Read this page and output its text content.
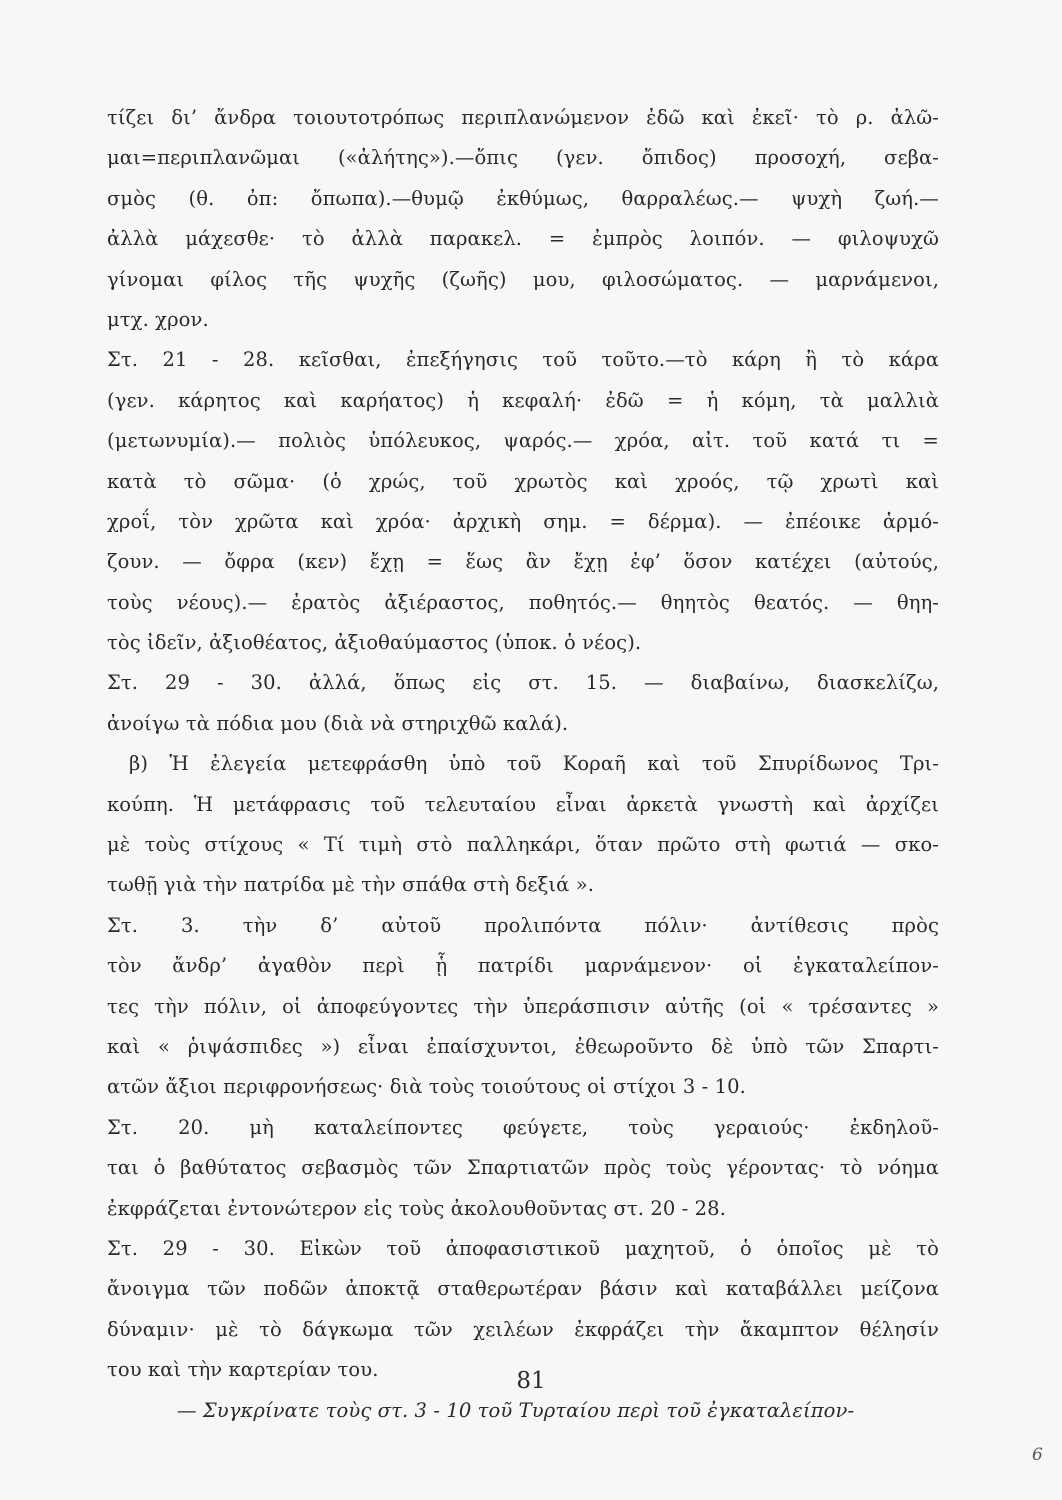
τίζει δι’ ἄνδρα τοιουτοτρόπως περιπλανώμενον ἐδῶ καὶ ἐκεῖ· τὸ ρ. ἀλῶ-
μαι=περιπλανῶμαι («ἀλήτης»).—ὄπις (γεν. ὄπιδος) προσοχή, σεβα-
σμὸς (θ. ὀπ: ὄπωπα).—θυμῷ ἐκθύμως, θαρραλέως.— ψυχὴ ζωή.—
ἀλλὰ μάχεσθε· τὸ ἀλλὰ παρακελ. = ἐμπρὸς λοιπόν. — φιλοψυχῶ
γίνομαι φίλος τῆς ψυχῆς (ζωῆς) μου, φιλοσώματος. — μαρνάμενοι,
μτχ. χρον.
Στ. 21 - 28. κεῖσθαι, ἐπεξήγησις τοῦ τοῦτο.—τὸ κάρη ἢ τὸ κάρα
(γεν. κάρητος καὶ καρήατος) ἡ κεφαλή· ἐδῶ = ἡ κόμη, τὰ μαλλιὰ
(μετωνυμία).— πολιὸς ὑπόλευκος, ψαρός.— χρόα, αἰτ. τοῦ κατά τι =
κατὰ τὸ σῶμα· (ὁ χρώς, τοῦ χρωτὸς καὶ χροός, τῷ χρωτὶ καὶ
χροΐ, τὸν χρῶτα καὶ χρόα· ἀρχικὴ σημ. = δέρμα). — ἐπέοικε ἁρμό-
ζουν. — ὄφρα (κεν) ἔχῃ = ἕως ἂν ἔχῃ ἐφ’ ὅσον κατέχει (αὐτούς,
τοὺς νέους).— ἐρατὸς ἀξιέραστος, ποθητός.— θηητὸς θεατός. — θηη-
τὸς ἰδεῖν, ἀξιοθέατος, ἀξιοθαύμαστος (ὑποκ. ὁ νέος).
Στ. 29 - 30. ἀλλά, ὅπως εἰς στ. 15. — διαβαίνω, διασκελίζω,
ἀνοίγω τὰ πόδια μου (διὰ νὰ στηριχθῶ καλά).
β) Ἡ ἐλεγεία μετεφράσθη ὑπὸ τοῦ Κοραῆ καὶ τοῦ Σπυρίδωνος Τρι-
κούπη. Ἡ μετάφρασις τοῦ τελευταίου εἶναι ἀρκετὰ γνωστὴ καὶ ἀρχίζει
μὲ τοὺς στίχους « Τί τιμὴ στὸ παλληκάρι, ὅταν πρῶτο στὴ φωτιά — σκο-
τωθῇ γιὰ τὴν πατρίδα μὲ τὴν σπάθα στὴ δεξιά ».
Στ. 3. τὴν δ’ αὐτοῦ προλιπόντα πόλιν· ἀντίθεσις πρὸς
τὸν ἄνδρ’ ἀγαθὸν περὶ ᾗ πατρίδι μαρνάμενον· οἱ ἐγκαταλείπον-
τες τὴν πόλιν, οἱ ἀποφεύγοντες τὴν ὑπεράσπισιν αὐτῆς (οἱ « τρέσαντες »
καὶ « ῥιψάσπιδες ») εἶναι ἐπαίσχυντοι, ἐθεωροῦντο δὲ ὑπὸ τῶν Σπαρτι-
ατῶν ἄξιοι περιφρονήσεως· διὰ τοὺς τοιούτους οἱ στίχοι 3 - 10.
Στ. 20. μὴ καταλείποντες φεύγετε, τοὺς γεραιούς· ἐκδηλοῦ-
ται ὁ βαθύτατος σεβασμὸς τῶν Σπαρτιατῶν πρὸς τοὺς γέροντας· τὸ νόημα
ἐκφράζεται ἐντονώτερον εἰς τοὺς ἀκολουθοῦντας στ. 20 - 28.
Στ. 29 - 30. Εἰκὼν τοῦ ἀποφασιστικοῦ μαχητοῦ, ὁ ὁποῖος μὲ τὸ
ἄνοιγμα τῶν ποδῶν ἀποκτᾷ σταθερωτέραν βάσιν καὶ καταβάλλει μείζονα
δύναμιν· μὲ τὸ δάγκωμα τῶν χειλέων ἐκφράζει τὴν ἄκαμπτον θέλησίν
του καὶ τὴν καρτερίαν του.
— Συγκρίνατε τοὺς στ. 3 - 10 τοῦ Τυρταίου περὶ τοῦ ἐγκαταλείπον-
81
6
